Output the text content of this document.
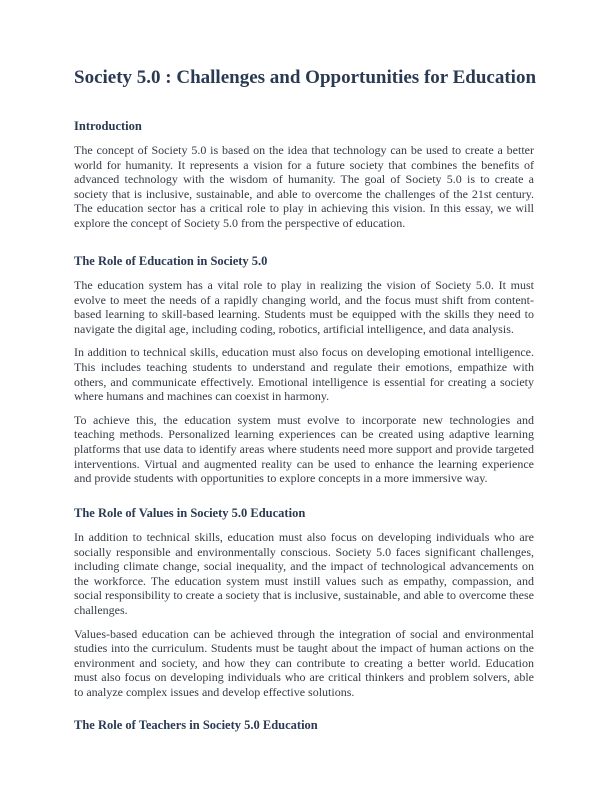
Society 5.0 : Challenges and Opportunities for Education
Introduction

The concept of Society 5.0 is based on the idea that technology can be used to create a better world for humanity. It represents a vision for a future society that combines the benefits of advanced technology with the wisdom of humanity. The goal of Society 5.0 is to create a society that is inclusive, sustainable, and able to overcome the challenges of the 21st century. The education sector has a critical role to play in achieving this vision. In this essay, we will explore the concept of Society 5.0 from the perspective of education.

The Role of Education in Society 5.0

The education system has a vital role to play in realizing the vision of Society 5.0. It must evolve to meet the needs of a rapidly changing world, and the focus must shift from content-based learning to skill-based learning. Students must be equipped with the skills they need to navigate the digital age, including coding, robotics, artificial intelligence, and data analysis.

In addition to technical skills, education must also focus on developing emotional intelligence. This includes teaching students to understand and regulate their emotions, empathize with others, and communicate effectively. Emotional intelligence is essential for creating a society where humans and machines can coexist in harmony.

To achieve this, the education system must evolve to incorporate new technologies and teaching methods. Personalized learning experiences can be created using adaptive learning platforms that use data to identify areas where students need more support and provide targeted interventions. Virtual and augmented reality can be used to enhance the learning experience and provide students with opportunities to explore concepts in a more immersive way.

The Role of Values in Society 5.0 Education

In addition to technical skills, education must also focus on developing individuals who are socially responsible and environmentally conscious. Society 5.0 faces significant challenges, including climate change, social inequality, and the impact of technological advancements on the workforce. The education system must instill values such as empathy, compassion, and social responsibility to create a society that is inclusive, sustainable, and able to overcome these challenges.

Values-based education can be achieved through the integration of social and environmental studies into the curriculum. Students must be taught about the impact of human actions on the environment and society, and how they can contribute to creating a better world. Education must also focus on developing individuals who are critical thinkers and problem solvers, able to analyze complex issues and develop effective solutions.

The Role of Teachers in Society 5.0 Education
